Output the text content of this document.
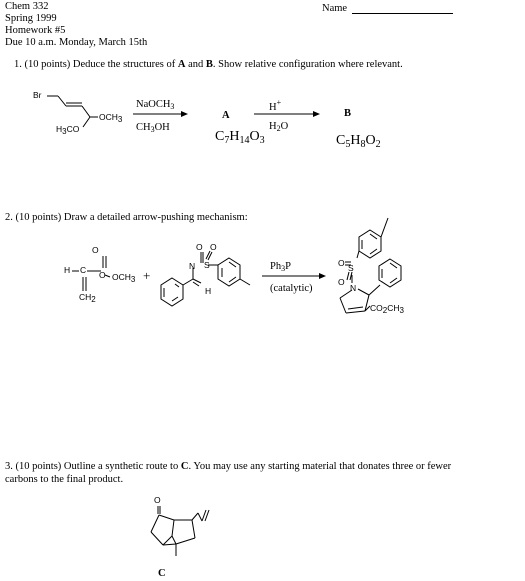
Chem 332
Spring 1999
Homework #5
Due 10 a.m. Monday, March 15th
Name
1. (10 points) Deduce the structures of A and B. Show relative configuration where relevant.
Br
OCH3
H3CO
NaOCH$_3$
$CH_3OH$
A
$C_7H_{14}O_3$
H+
$H_2O$
B
$C_5H_8O_2$
2. (10 points) Draw a detailed arrow-pushing mechanism:
O
H C O OCH3
CH2
+
N
H
O O
S	$Ph_3P$
(catalytic)
O
O
S
N
CO2CH3
3. (10 points) Outline a synthetic route to C. You may use any starting material that donates three or fewer
carbons to the final product.
O
C
